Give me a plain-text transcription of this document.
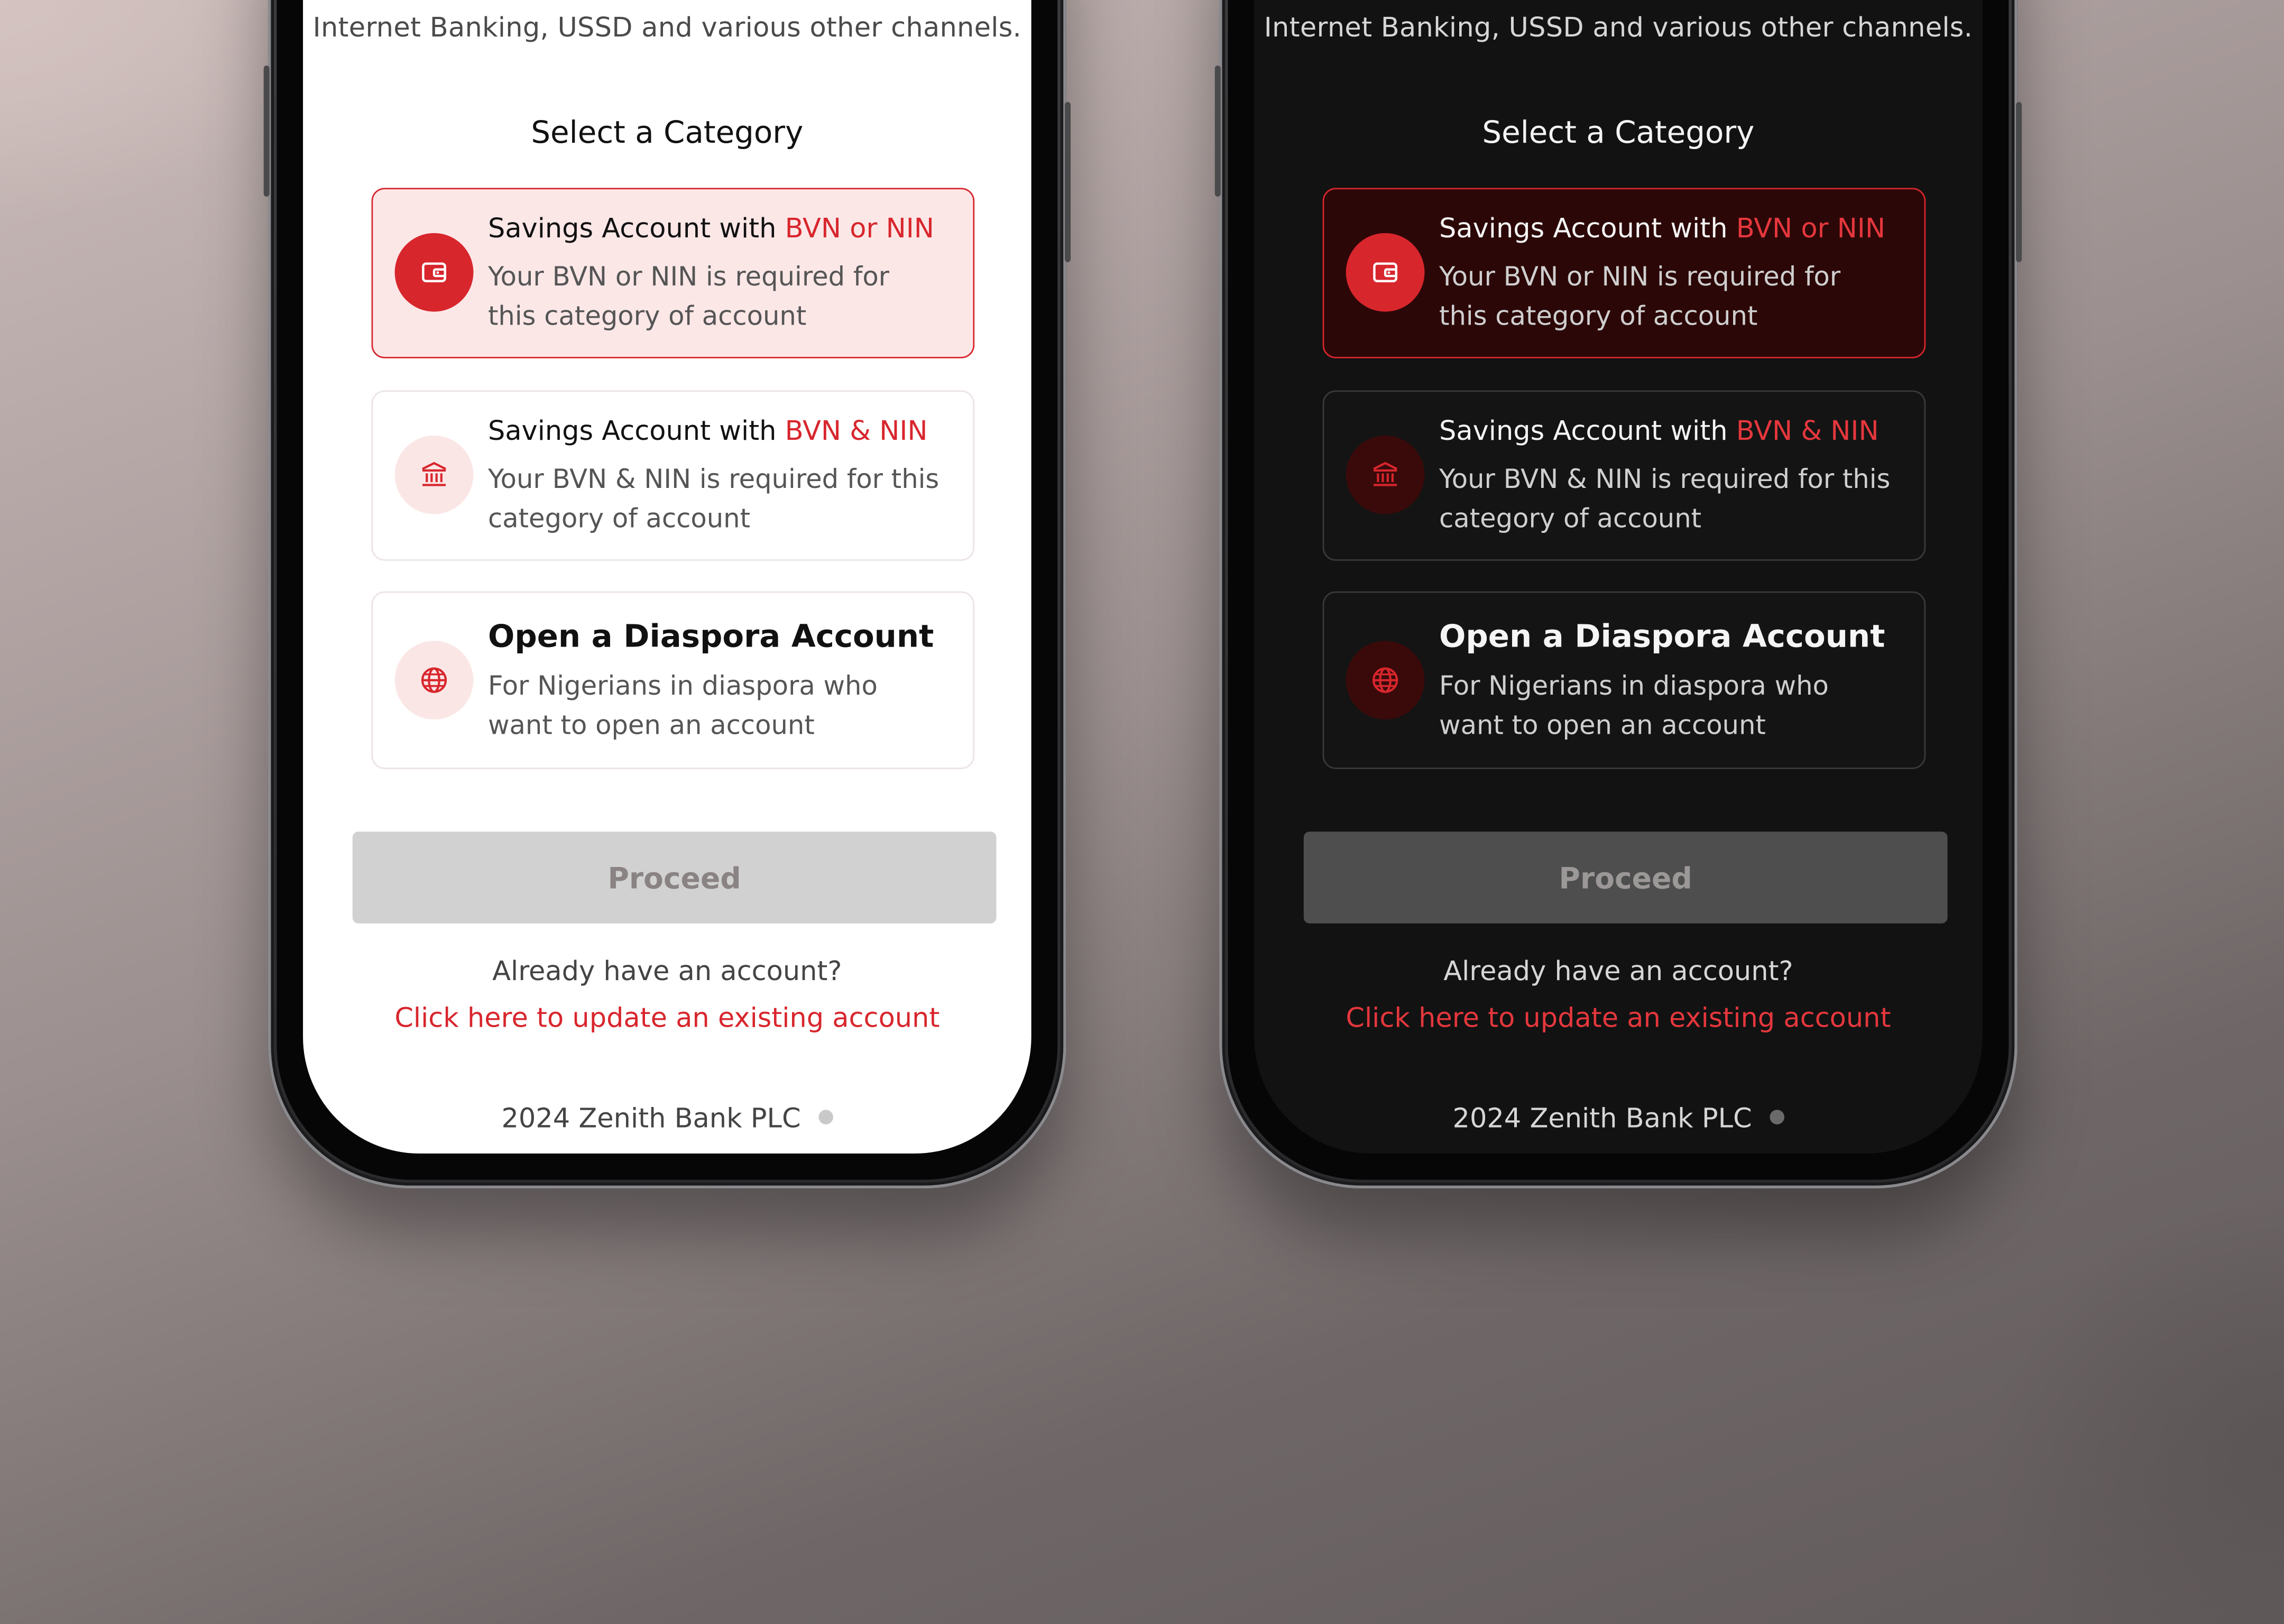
Internet Banking, USSD and various other channels.
Select a Category
Savings Account with BVN or NIN
Your BVN or NIN is required for
this category of account
Savings Account with BVN & NIN
Your BVN & NIN is required for this
category of account
Open a Diaspora Account
For Nigerians in diaspora who
want to open an account
Proceed
Already have an account?
Click here to update an existing account
2024 Zenith Bank PLC
Internet Banking, USSD and various other channels.
Select a Category
Savings Account with BVN or NIN
Your BVN or NIN is required for
this category of account
Savings Account with BVN & NIN
Your BVN & NIN is required for this
category of account
Open a Diaspora Account
For Nigerians in diaspora who
want to open an account
Proceed
Already have an account?
Click here to update an existing account
2024 Zenith Bank PLC
